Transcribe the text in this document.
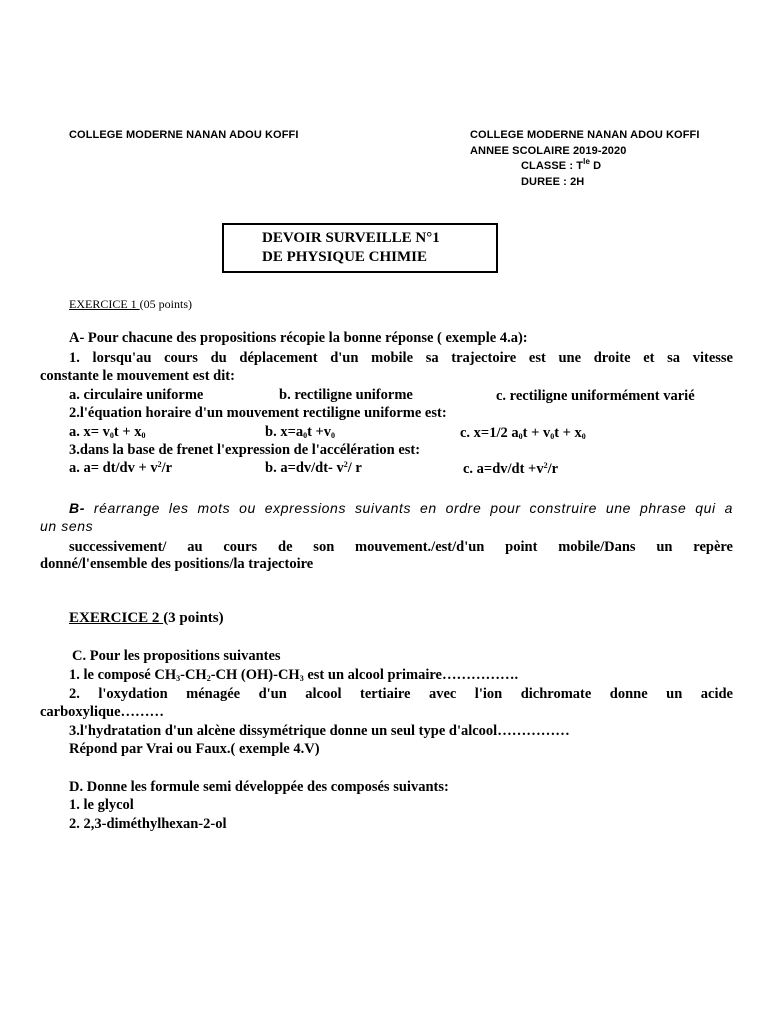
COLLEGE MODERNE NANAN ADOU KOFFI	COLLEGE MODERNE NANAN ADOU KOFFI
ANNEE SCOLAIRE 2019-2020
CLASSE : $T^{le}$ D
DUREE : 2H
DEVOIR SURVEILLE N°1
DE PHYSIQUE CHIMIE
EXERCICE 1 (05 points)
A- Pour chacune des propositions récopie la bonne réponse ( exemple 4.a):
1. lorsqu'au cours du déplacement d'un mobile sa trajectoire est une droite et sa vitesse
constante le mouvement est dit:
a. circulaire uniforme	b. rectiligne uniforme	c. rectiligne uniformément varié
2.l'équation horaire d'un mouvement rectiligne uniforme est:
a. $x= v_0t + x_0$	b. $x=a_0t +v_0$	c. x=1/2 $a_0t + v_0t + x_0$
3.dans la base de frenet l'expression de l'accélération est:
a. $a= dt/dv + v^2/r$	b. a=dv/dt- $v^2/$ r	c. $a=dv/dt +v^2/r$
B- réarrange les mots ou expressions suivants en ordre pour construire une phrase qui a
un sens
successivement/ au cours de son mouvement./est/d'un point mobile/Dans un repère
donné/l'ensemble des positions/la trajectoire
EXERCICE 2 (3 points)
C. Pour les propositions suivantes
1. le composé $CH_3-CH_2-CH$ $(OH)-CH_3$ est un alcool primaire…………….
2. l'oxydation ménagée d'un alcool tertiaire avec l'ion dichromate donne un acide
carboxylique………
3.l'hydratation d'un alcène dissymétrique donne un seul type d'alcool……………
Répond par Vrai ou Faux.( exemple 4.V)
D. Donne les formule semi développée des composés suivants:
1. le glycol
2. 2,3-diméthylhexan-2-ol
